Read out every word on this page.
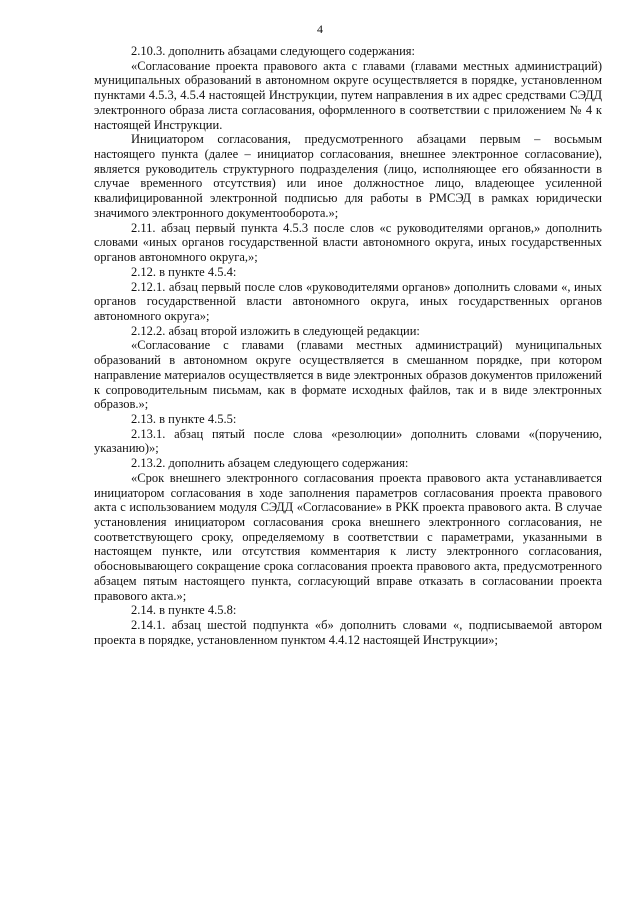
4

2.10.3. дополнить абзацами следующего содержания:

«Согласование проекта правового акта с главами (главами местных администраций) муниципальных образований в автономном округе осуществляется в порядке, установленном пунктами 4.5.3, 4.5.4 настоящей Инструкции, путем направления в их адрес средствами СЭДД электронного образа листа согласования, оформленного в соответствии с приложением № 4 к настоящей Инструкции.

Инициатором согласования, предусмотренного абзацами первым – восьмым настоящего пункта (далее – инициатор согласования, внешнее электронное согласование), является руководитель структурного подразделения (лицо, исполняющее его обязанности в случае временного отсутствия) или иное должностное лицо, владеющее усиленной квалифицированной электронной подписью для работы в РМСЭД в рамках юридически значимого электронного документооборота.»;

2.11. абзац первый пункта 4.5.3 после слов «с руководителями органов,» дополнить словами «иных органов государственной власти автономного округа, иных государственных органов автономного округа,»;

2.12. в пункте 4.5.4:

2.12.1. абзац первый после слов «руководителями органов» дополнить словами «, иных органов государственной власти автономного округа, иных государственных органов автономного округа»;

2.12.2. абзац второй изложить в следующей редакции:

«Согласование с главами (главами местных администраций) муниципальных образований в автономном округе осуществляется в смешанном порядке, при котором направление материалов осуществляется в виде электронных образов документов приложений к сопроводительным письмам, как в формате исходных файлов, так и в виде электронных образов.»;

2.13. в пункте 4.5.5:

2.13.1. абзац пятый после слова «резолюции» дополнить словами «(поручению, указанию)»;

2.13.2. дополнить абзацем следующего содержания:

«Срок внешнего электронного согласования проекта правового акта устанавливается инициатором согласования в ходе заполнения параметров согласования проекта правового акта с использованием модуля СЭДД «Согласование» в РКК проекта правового акта. В случае установления инициатором согласования срока внешнего электронного согласования, не соответствующего сроку, определяемому в соответствии с параметрами, указанными в настоящем пункте, или отсутствия комментария к листу электронного согласования, обосновывающего сокращение срока согласования проекта правового акта, предусмотренного абзацем пятым настоящего пункта, согласующий вправе отказать в согласовании проекта правового акта.»;

2.14. в пункте 4.5.8:

2.14.1. абзац шестой подпункта «б» дополнить словами «, подписываемой автором проекта в порядке, установленном пунктом 4.4.12 настоящей Инструкции»;
